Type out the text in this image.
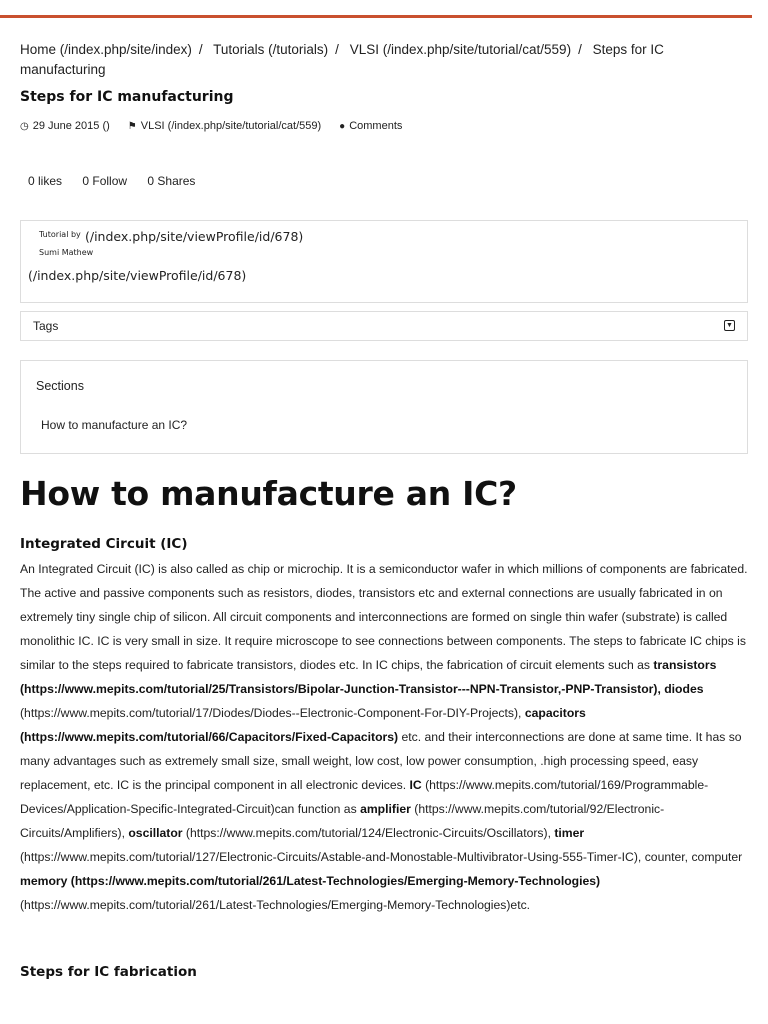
Home (/index.php/site/index) / Tutorials (/tutorials) / VLSI (/index.php/site/tutorial/cat/559) / Steps for IC manufacturing
Steps for IC manufacturing
◷ 29 June 2015 () ⚑ VLSI (/index.php/site/tutorial/cat/559) ● Comments
0 likes 0 Follow 0 Shares
Tutorial by (/index.php/site/viewProfile/id/678)
Sumi Mathew
(/index.php/site/viewProfile/id/678)
Tags	▼
Sections
How to manufacture an IC?
How to manufacture an IC?
Integrated Circuit (IC)
An Integrated Circuit (IC) is also called as chip or microchip. It is a semiconductor wafer in which millions of components are fabricated. The active and passive components such as resistors, diodes, transistors etc and external connections are usually fabricated in on extremely tiny single chip of silicon. All circuit components and interconnections are formed on single thin wafer (substrate) is called monolithic IC. IC is very small in size. It require microscope to see connections between components. The steps to fabricate IC chips is similar to the steps required to fabricate transistors, diodes etc. In IC chips, the fabrication of circuit elements such as transistors (https://www.mepits.com/tutorial/25/Transistors/Bipolar-Junction-Transistor---NPN-Transistor,-PNP-Transistor), diodes (https://www.mepits.com/tutorial/17/Diodes/Diodes--Electronic-Component-For-DIY-Projects), capacitors (https://www.mepits.com/tutorial/66/Capacitors/Fixed-Capacitors) etc. and their interconnections are done at same time. It has so many advantages such as extremely small size, small weight, low cost, low power consumption, .high processing speed, easy replacement, etc. IC is the principal component in all electronic devices. IC (https://www.mepits.com/tutorial/169/Programmable-Devices/Application-Specific-Integrated-Circuit)can function as amplifier (https://www.mepits.com/tutorial/92/Electronic-Circuits/Amplifiers), oscillator (https://www.mepits.com/tutorial/124/Electronic-Circuits/Oscillators), timer (https://www.mepits.com/tutorial/127/Electronic-Circuits/Astable-and-Monostable-Multivibrator-Using-555-Timer-IC), counter, computer memory (https://www.mepits.com/tutorial/261/Latest-Technologies/Emerging-Memory-Technologies) (https://www.mepits.com/tutorial/261/Latest-Technologies/Emerging-Memory-Technologies)etc.
Steps for IC fabrication
